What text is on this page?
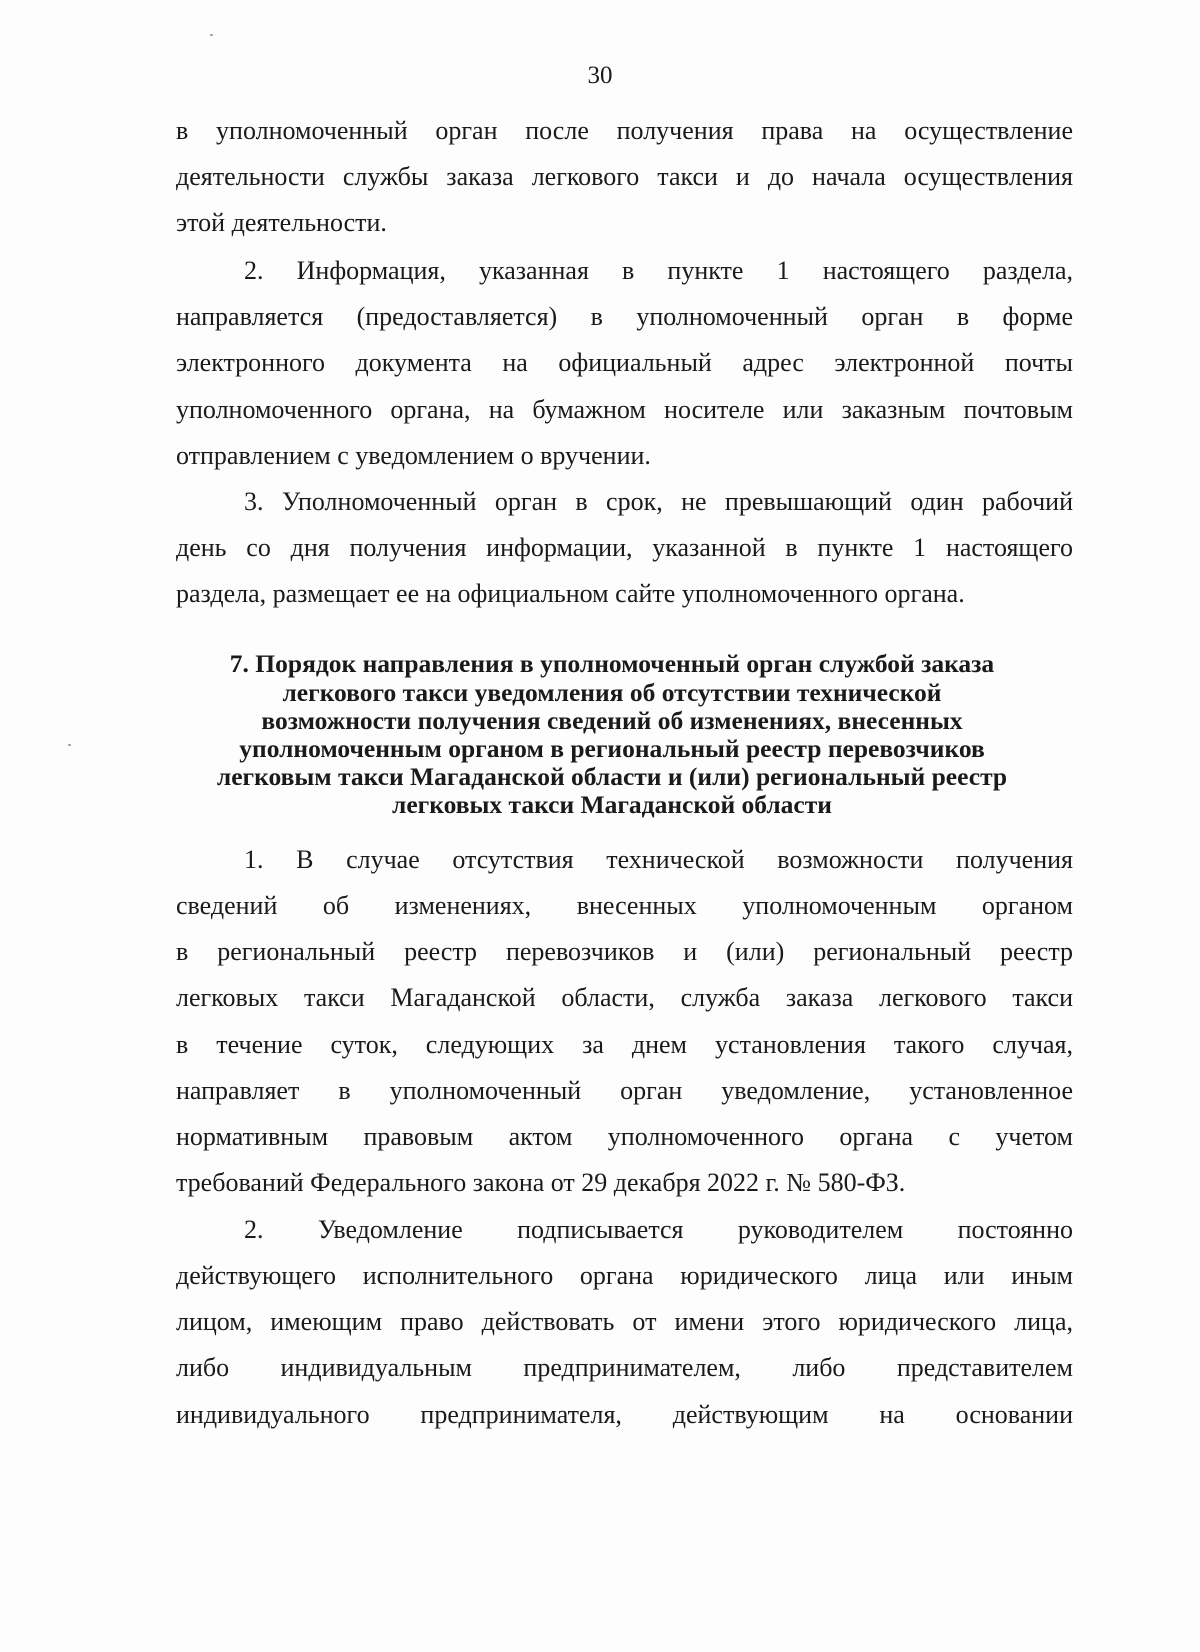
30
в уполномоченный орган после получения права на осуществление
деятельности службы заказа легкового такси и до начала осуществления
этой деятельности.
2. Информация, указанная в пункте 1 настоящего раздела,
направляется (предоставляется) в уполномоченный орган в форме
электронного документа на официальный адрес электронной почты
уполномоченного органа, на бумажном носителе или заказным почтовым
отправлением с уведомлением о вручении.
3. Уполномоченный орган в срок, не превышающий один рабочий
день со дня получения информации, указанной в пункте 1 настоящего
раздела, размещает ее на официальном сайте уполномоченного органа.
7. Порядок направления в уполномоченный орган службой заказа
легкового такси уведомления об отсутствии технической
возможности получения сведений об изменениях, внесенных
уполномоченным органом в региональный реестр перевозчиков
легковым такси Магаданской области и (или) региональный реестр
легковых такси Магаданской области
1. В случае отсутствия технической возможности получения
сведений об изменениях, внесенных уполномоченным органом
в региональный реестр перевозчиков и (или) региональный реестр
легковых такси Магаданской области, служба заказа легкового такси
в течение суток, следующих за днем установления такого случая,
направляет в уполномоченный орган уведомление, установленное
нормативным правовым актом уполномоченного органа с учетом
требований Федерального закона от 29 декабря 2022 г. № 580-ФЗ.
2. Уведомление подписывается руководителем постоянно
действующего исполнительного органа юридического лица или иным
лицом, имеющим право действовать от имени этого юридического лица,
либо индивидуальным предпринимателем, либо представителем
индивидуального предпринимателя, действующим на основании
